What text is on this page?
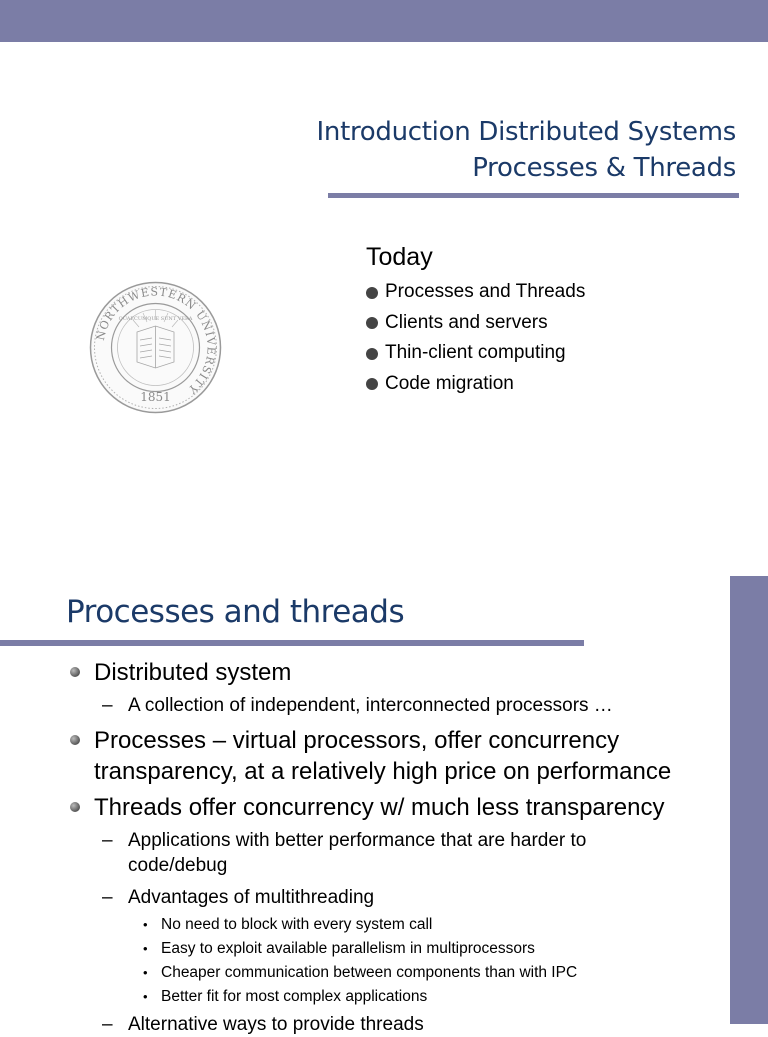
Introduction Distributed Systems
Processes & Threads
NORTHWESTERN UNIVERSITY
QUAECUMQUE SUNT VERA
1851
Today
Processes and Threads
Clients and servers
Thin-client computing
Code migration
Processes and threads
Distributed system
– A collection of independent, interconnected processors …
Processes – virtual processors, offer concurrency
transparency, at a relatively high price on performance
Threads offer concurrency w/ much less transparency
– Applications with better performance that are harder to
code/debug
– Advantages of multithreading
• No need to block with every system call
• Easy to exploit available parallelism in multiprocessors
• Cheaper communication between components than with IPC
• Better fit for most complex applications
– Alternative ways to provide threads
